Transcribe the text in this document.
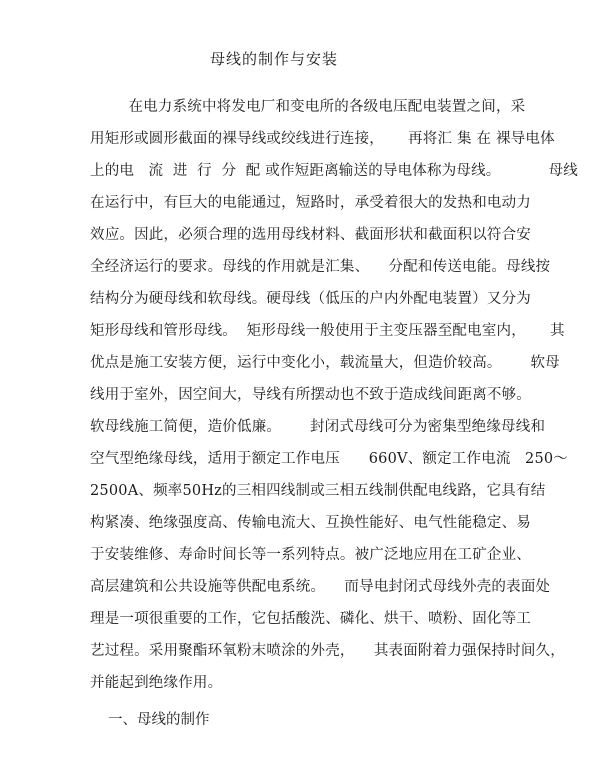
母线的制作与安装
在电力系统中将发电厂和变电所的各级电压配电装置之间，采
用矩形或圆形截面的裸导线或绞线进行连接，     再将汇 集 在 裸导电体
上的电   流  进  行  分  配 或作短距离输送的导电体称为母线。          母线
在运行中，有巨大的电能通过，短路时，承受着很大的发热和电动力
效应。因此，必须合理的选用母线材料、截面形状和截面积以符合安
全经济运行的要求。母线的作用就是汇集、    分配和传送电能。母线按
结构分为硬母线和软母线。硬母线（低压的户内外配电装置）又分为
矩形母线和管形母线。  矩形母线一般使用于主变压器至配电室内，     其
优点是施工安装方便，运行中变化小，载流量大，但造价较高。      软母
线用于室外，因空间大，导线有所摆动也不致于造成线间距离不够。
软母线施工简便，造价低廉。      封闭式母线可分为密集型绝缘母线和
空气型绝缘母线，适用于额定工作电压      660V、额定工作电流   250～
2500A、频率50Hz的三相四线制或三相五线制供配电线路，它具有结
构紧凑、绝缘强度高、传输电流大、互换性能好、电气性能稳定、易
于安装维修、寿命时间长等一系列特点。被广泛地应用在工矿企业、
高层建筑和公共设施等供配电系统。    而导电封闭式母线外壳的表面处
理是一项很重要的工作，它包括酸洗、磷化、烘干、喷粉、固化等工
艺过程。采用聚酯环氧粉末喷涂的外壳，    其表面附着力强保持时间久，
并能起到绝缘作用。
一、母线的制作
